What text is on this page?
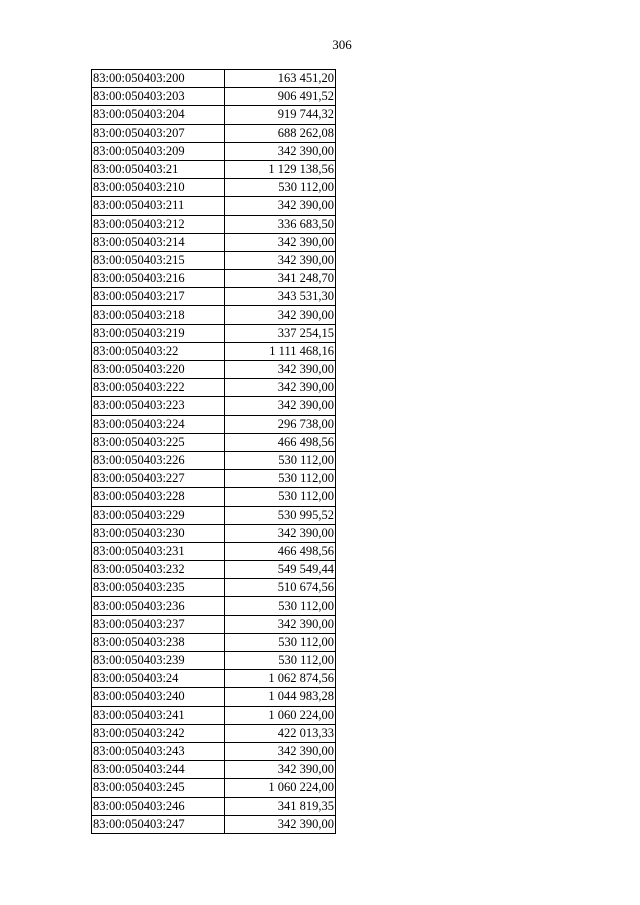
306
83:00:050403:200	163 451,20
83:00:050403:203	906 491,52
83:00:050403:204	919 744,32
83:00:050403:207	688 262,08
83:00:050403:209	342 390,00
83:00:050403:21	1 129 138,56
83:00:050403:210	530 112,00
83:00:050403:211	342 390,00
83:00:050403:212	336 683,50
83:00:050403:214	342 390,00
83:00:050403:215	342 390,00
83:00:050403:216	341 248,70
83:00:050403:217	343 531,30
83:00:050403:218	342 390,00
83:00:050403:219	337 254,15
83:00:050403:22	1 111 468,16
83:00:050403:220	342 390,00
83:00:050403:222	342 390,00
83:00:050403:223	342 390,00
83:00:050403:224	296 738,00
83:00:050403:225	466 498,56
83:00:050403:226	530 112,00
83:00:050403:227	530 112,00
83:00:050403:228	530 112,00
83:00:050403:229	530 995,52
83:00:050403:230	342 390,00
83:00:050403:231	466 498,56
83:00:050403:232	549 549,44
83:00:050403:235	510 674,56
83:00:050403:236	530 112,00
83:00:050403:237	342 390,00
83:00:050403:238	530 112,00
83:00:050403:239	530 112,00
83:00:050403:24	1 062 874,56
83:00:050403:240	1 044 983,28
83:00:050403:241	1 060 224,00
83:00:050403:242	422 013,33
83:00:050403:243	342 390,00
83:00:050403:244	342 390,00
83:00:050403:245	1 060 224,00
83:00:050403:246	341 819,35
83:00:050403:247	342 390,00
